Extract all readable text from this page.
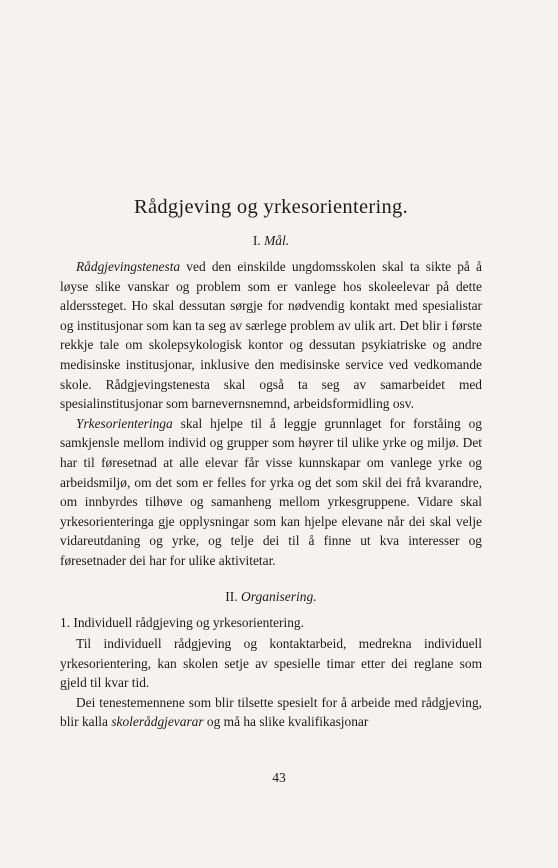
Rådgjeving og yrkesorientering.
I. Mål.

Rådgjevingstenesta ved den einskilde ungdomsskolen skal ta sikte på å løyse slike vanskar og problem som er vanlege hos skoleelevar på dette alderssteget. Ho skal dessutan sørgje for nødvendig kontakt med spesialistar og institusjonar som kan ta seg av særlege problem av ulik art. Det blir i første rekkje tale om skolepsykologisk kontor og dessutan psykiatriske og andre medisinske institusjonar, inklusive den medisinske service ved vedkomande skole. Rådgjevingstenesta skal også ta seg av samarbeidet med spesialinstitusjonar som barnevernsnemnd, arbeidsformidling osv.

Yrkesorienteringa skal hjelpe til å leggje grunnlaget for forståing og samkjensle mellom individ og grupper som høyrer til ulike yrke og miljø. Det har til føresetnad at alle elevar får visse kunnskapar om vanlege yrke og arbeidsmiljø, om det som er felles for yrka og det som skil dei frå kvarandre, om innbyrdes tilhøve og samanheng mellom yrkesgruppene. Vidare skal yrkesorienteringa gje opplysningar som kan hjelpe elevane når dei skal velje vidareutdaning og yrke, og telje dei til å finne ut kva interesser og føresetnader dei har for ulike aktivitetar.

II. Organisering.
1. Individuell rådgjeving og yrkesorientering.

Til individuell rådgjeving og kontaktarbeid, medrekna individuell yrkesorientering, kan skolen setje av spesielle timar etter dei reglane som gjeld til kvar tid.

Dei tenestemennene som blir tilsette spesielt for å arbeide med rådgjeving, blir kalla skolerådgjevarar og må ha slike kvalifikasjonar

43
